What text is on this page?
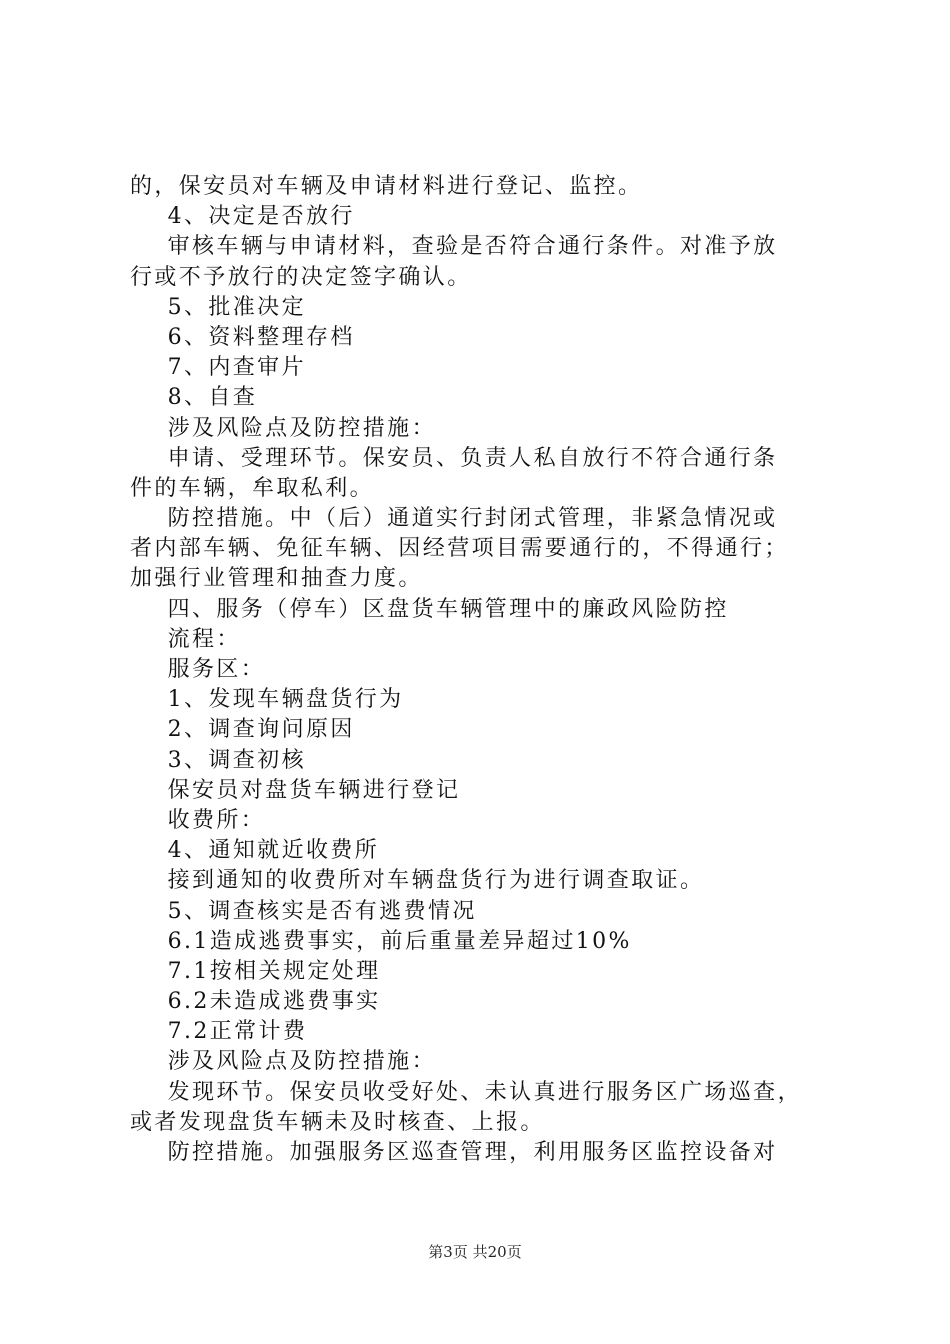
的，保安员对车辆及申请材料进行登记、监控。
4、决定是否放行
审核车辆与申请材料，查验是否符合通行条件。对准予放
行或不予放行的决定签字确认。
5、批准决定
6、资料整理存档
7、内查审片
8、自查
涉及风险点及防控措施：
申请、受理环节。保安员、负责人私自放行不符合通行条
件的车辆，牟取私利。
防控措施。中（后）通道实行封闭式管理，非紧急情况或
者内部车辆、免征车辆、因经营项目需要通行的，不得通行；
加强行业管理和抽查力度。
四、服务（停车）区盘货车辆管理中的廉政风险防控
流程：
服务区：
1、发现车辆盘货行为
2、调查询问原因
3、调查初核
保安员对盘货车辆进行登记
收费所：
4、通知就近收费所
接到通知的收费所对车辆盘货行为进行调查取证。
5、调查核实是否有逃费情况
6.1造成逃费事实，前后重量差异超过10%
7.1按相关规定处理
6.2未造成逃费事实
7.2正常计费
涉及风险点及防控措施：
发现环节。保安员收受好处、未认真进行服务区广场巡查，
或者发现盘货车辆未及时核查、上报。
防控措施。加强服务区巡查管理，利用服务区监控设备对
第3页 共20页
